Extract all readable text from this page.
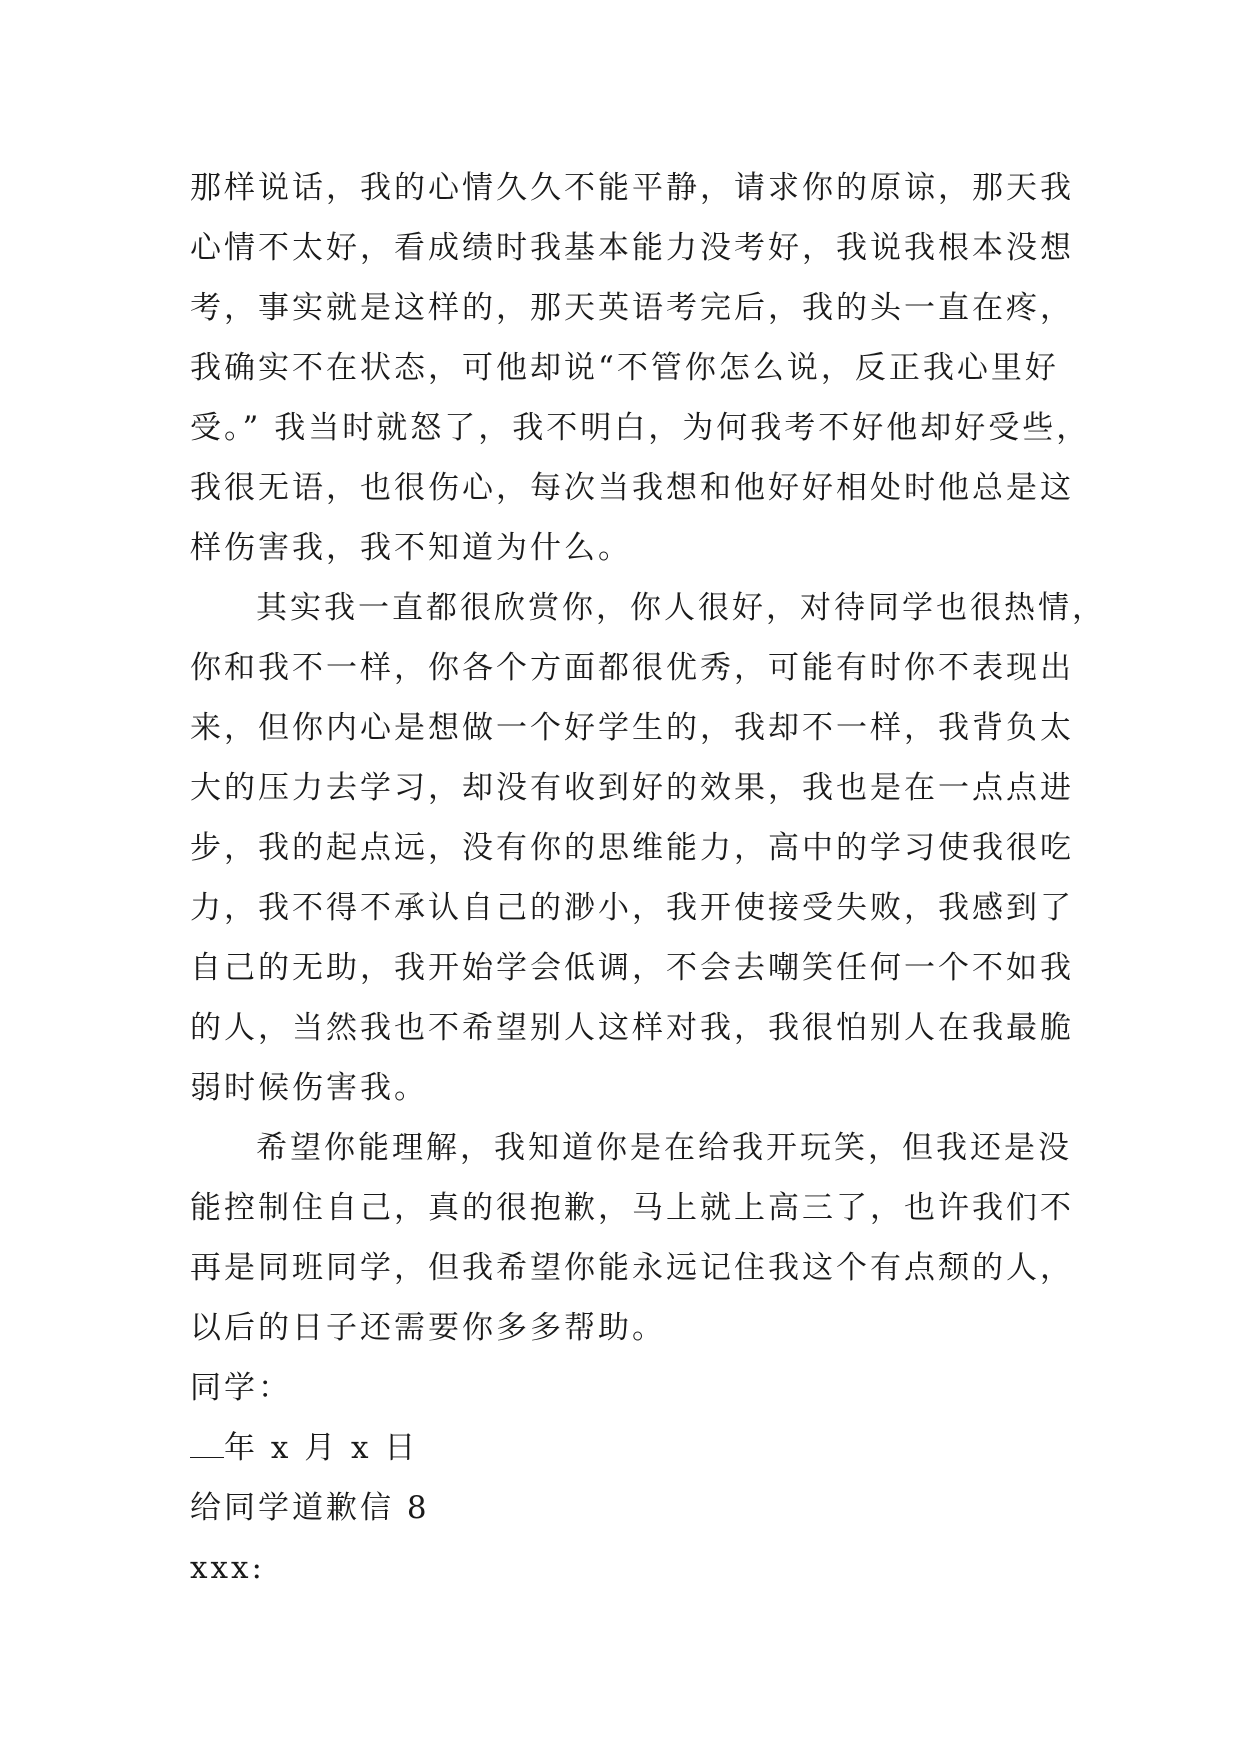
那样说话，我的心情久久不能平静，请求你的原谅，那天我
心情不太好，看成绩时我基本能力没考好，我说我根本没想
考，事实就是这样的，那天英语考完后，我的头一直在疼，
我确实不在状态，可他却说“不管你怎么说，反正我心里好
受。” 我当时就怒了，我不明白，为何我考不好他却好受些，
我很无语，也很伤心，每次当我想和他好好相处时他总是这
样伤害我，我不知道为什么。
其实我一直都很欣赏你，你人很好，对待同学也很热情，
你和我不一样，你各个方面都很优秀，可能有时你不表现出
来，但你内心是想做一个好学生的，我却不一样，我背负太
大的压力去学习，却没有收到好的效果，我也是在一点点进
步，我的起点远，没有你的思维能力，高中的学习使我很吃
力，我不得不承认自己的渺小，我开使接受失败，我感到了
自己的无助，我开始学会低调，不会去嘲笑任何一个不如我
的人，当然我也不希望别人这样对我，我很怕别人在我最脆
弱时候伤害我。
希望你能理解，我知道你是在给我开玩笑，但我还是没
能控制住自己，真的很抱歉，马上就上高三了，也许我们不
再是同班同学，但我希望你能永远记住我这个有点颓的人，
以后的日子还需要你多多帮助。
同学：
年 x 月 x 日
给同学道歉信 8
xxx:
